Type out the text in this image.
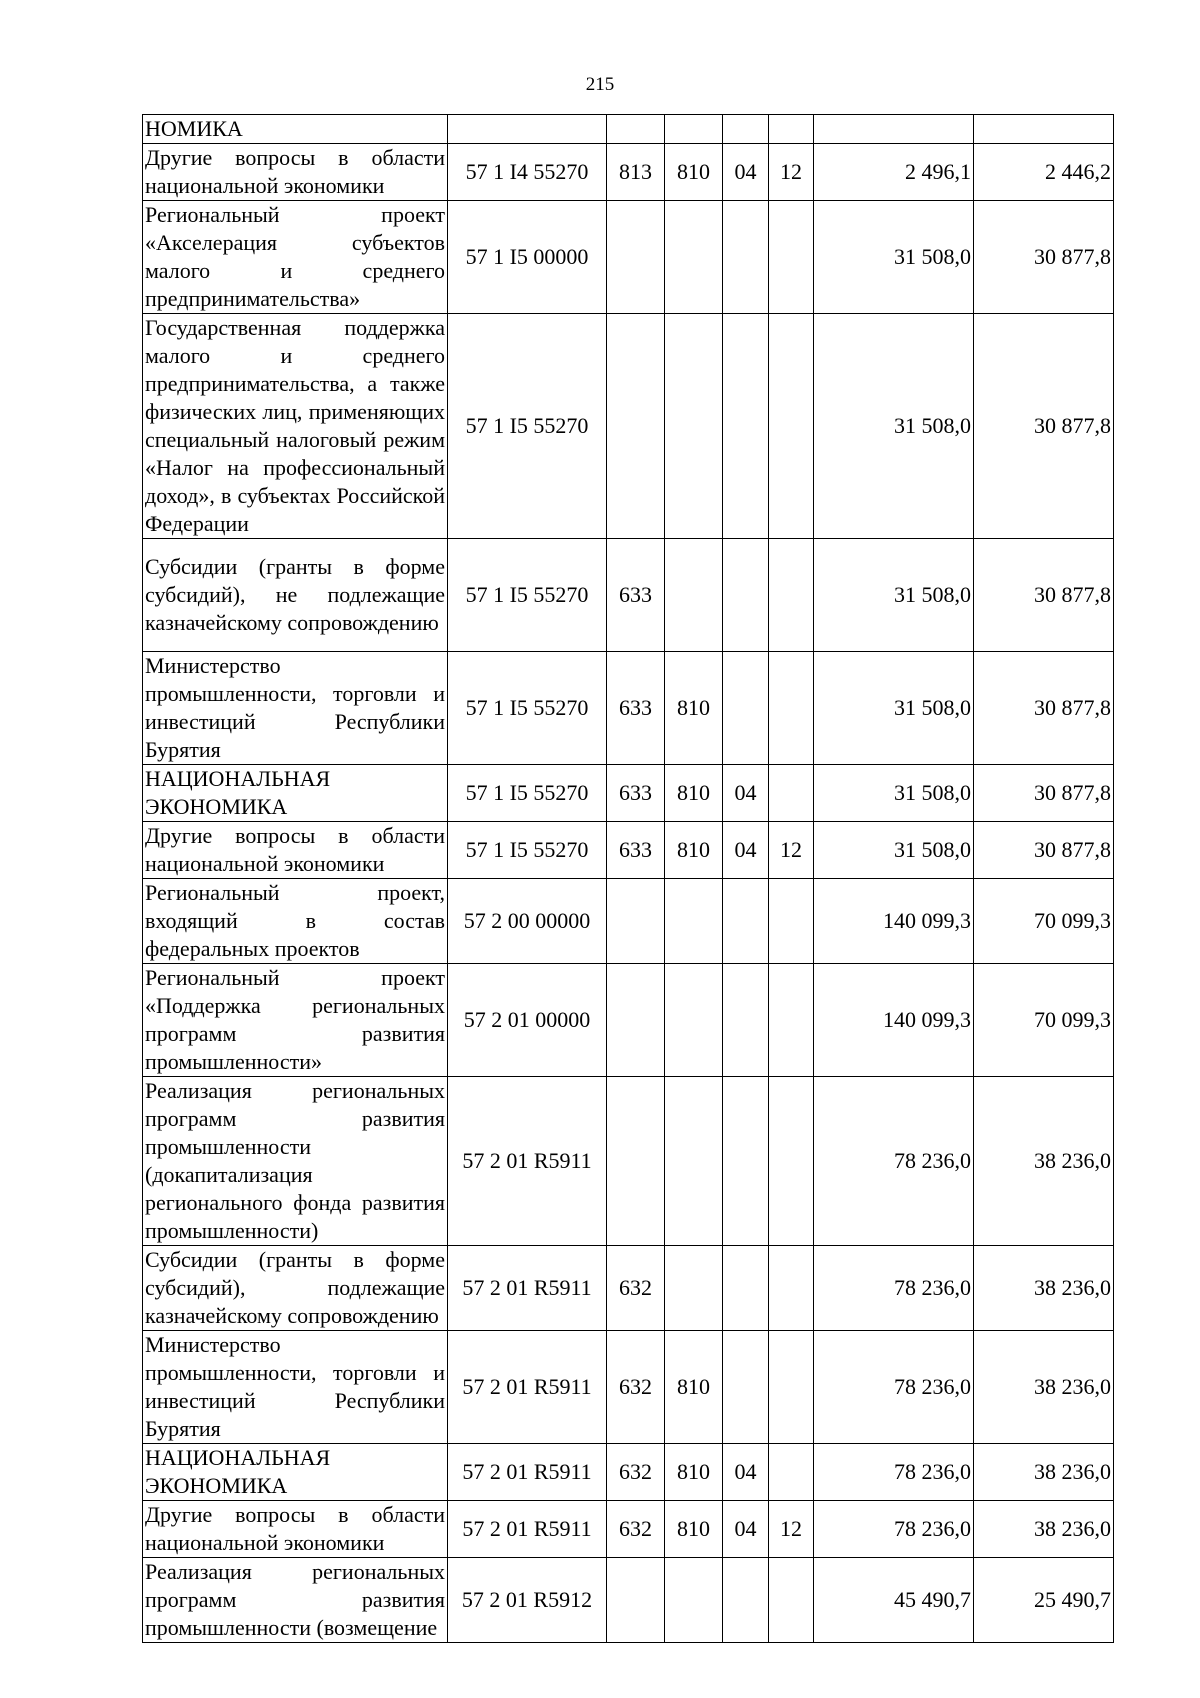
215
НОМИКА							
Другие вопросы в области национальной экономики	57 1 I4 55270	813	810	04	12	2 496,1	2 446,2
Региональный проект «Акселерация субъектов малого и среднего предпринимательства»	57 1 I5 00000					31 508,0	30 877,8
Государственная поддержка малого и среднего предпринимательства, а также физических лиц, применяющих специальный налоговый режим «Налог на профессиональный доход», в субъектах Российской Федерации	57 1 I5 55270					31 508,0	30 877,8
Субсидии (гранты в форме субсидий), не подлежащие казначейскому сопровождению	57 1 I5 55270	633				31 508,0	30 877,8
Министерство промышленности, торговли и инвестиций Республики Бурятия	57 1 I5 55270	633	810			31 508,0	30 877,8
НАЦИОНАЛЬНАЯ ЭКОНОМИКА	57 1 I5 55270	633	810	04		31 508,0	30 877,8
Другие вопросы в области национальной экономики	57 1 I5 55270	633	810	04	12	31 508,0	30 877,8
Региональный проект, входящий в состав федеральных проектов	57 2 00 00000					140 099,3	70 099,3
Региональный проект «Поддержка региональных программ развития промышленности»	57 2 01 00000					140 099,3	70 099,3
Реализация региональных программ развития промышленности (докапитализация регионального фонда развития промышленности)	57 2 01 R5911					78 236,0	38 236,0
Субсидии (гранты в форме субсидий), подлежащие казначейскому сопровождению	57 2 01 R5911	632				78 236,0	38 236,0
Министерство промышленности, торговли и инвестиций Республики Бурятия	57 2 01 R5911	632	810			78 236,0	38 236,0
НАЦИОНАЛЬНАЯ ЭКОНОМИКА	57 2 01 R5911	632	810	04		78 236,0	38 236,0
Другие вопросы в области национальной экономики	57 2 01 R5911	632	810	04	12	78 236,0	38 236,0
Реализация региональных программ развития промышленности (возмещение	57 2 01 R5912					45 490,7	25 490,7
